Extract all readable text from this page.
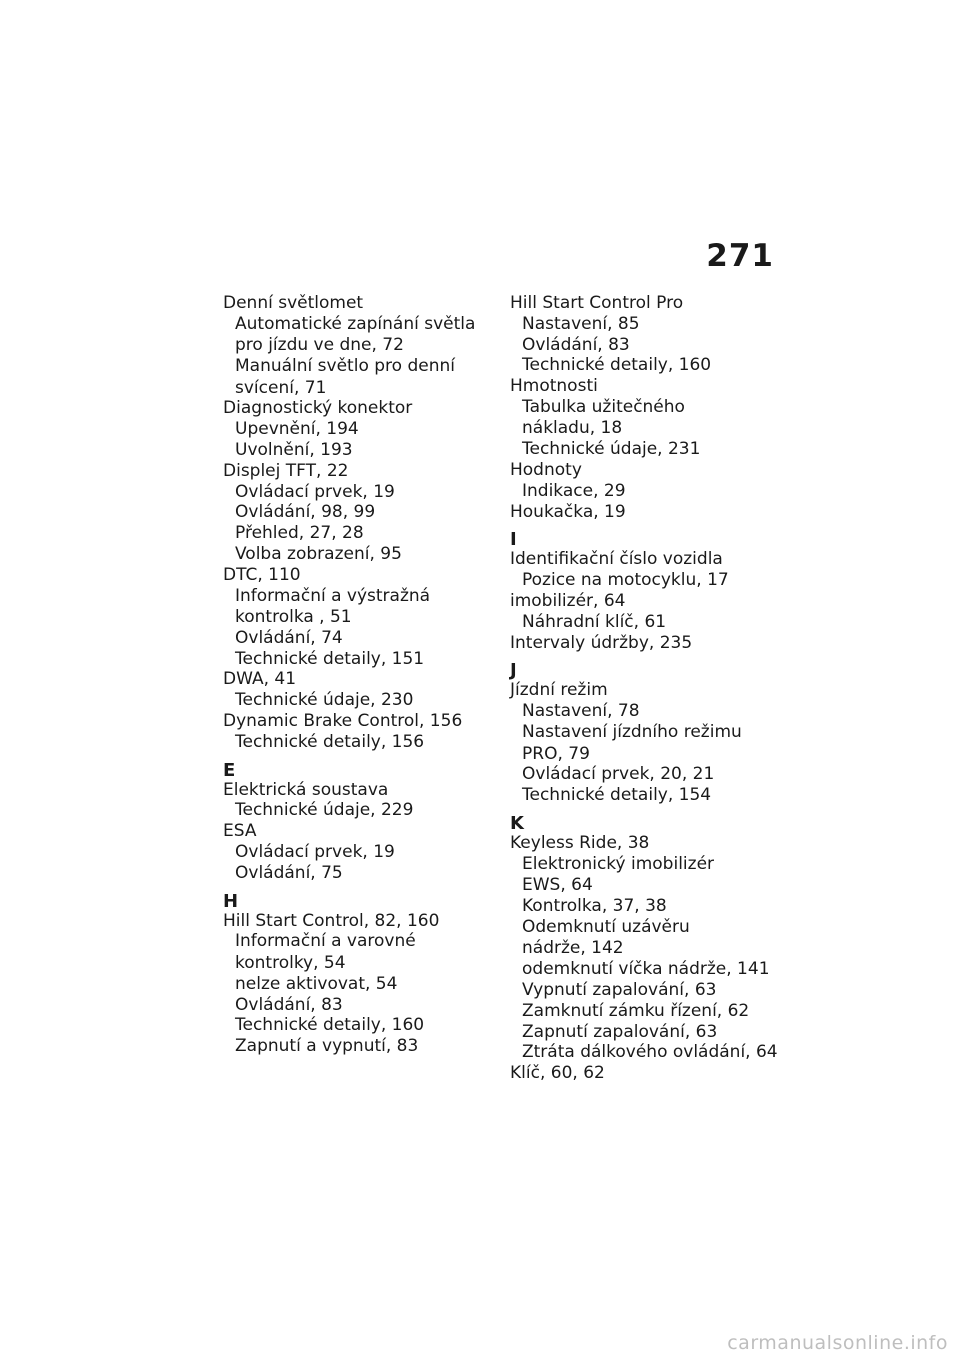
271
Denní světlomet
Automatické zapínání světla
pro jízdu ve dne, 72
Manuální světlo pro denní
svícení, 71
Diagnostický konektor
Upevnění, 194
Uvolnění, 193
Displej TFT, 22
Ovládací prvek, 19
Ovládání, 98, 99
Přehled, 27, 28
Volba zobrazení, 95
DTC, 110
Informační a výstražná
kontrolka , 51
Ovládání, 74
Technické detaily, 151
DWA, 41
Technické údaje, 230
Dynamic Brake Control, 156
Technické detaily, 156
E
Elektrická soustava
Technické údaje, 229
ESA
Ovládací prvek, 19
Ovládání, 75
H
Hill Start Control, 82, 160
Informační a varovné
kontrolky, 54
nelze aktivovat, 54
Ovládání, 83
Technické detaily, 160
Zapnutí a vypnutí, 83
Hill Start Control Pro
Nastavení, 85
Ovládání, 83
Technické detaily, 160
Hmotnosti
Tabulka užitečného
nákladu, 18
Technické údaje, 231
Hodnoty
Indikace, 29
Houkačka, 19
I
Identifikační číslo vozidla
Pozice na motocyklu, 17
imobilizér, 64
Náhradní klíč, 61
Intervaly údržby, 235
J
Jízdní režim
Nastavení, 78
Nastavení jízdního režimu
PRO, 79
Ovládací prvek, 20, 21
Technické detaily, 154
K
Keyless Ride, 38
Elektronický imobilizér
EWS, 64
Kontrolka, 37, 38
Odemknutí uzávěru
nádrže, 142
odemknutí víčka nádrže, 141
Vypnutí zapalování, 63
Zamknutí zámku řízení, 62
Zapnutí zapalování, 63
Ztráta dálkového ovládání, 64
Klíč, 60, 62
carmanualsonline.info
